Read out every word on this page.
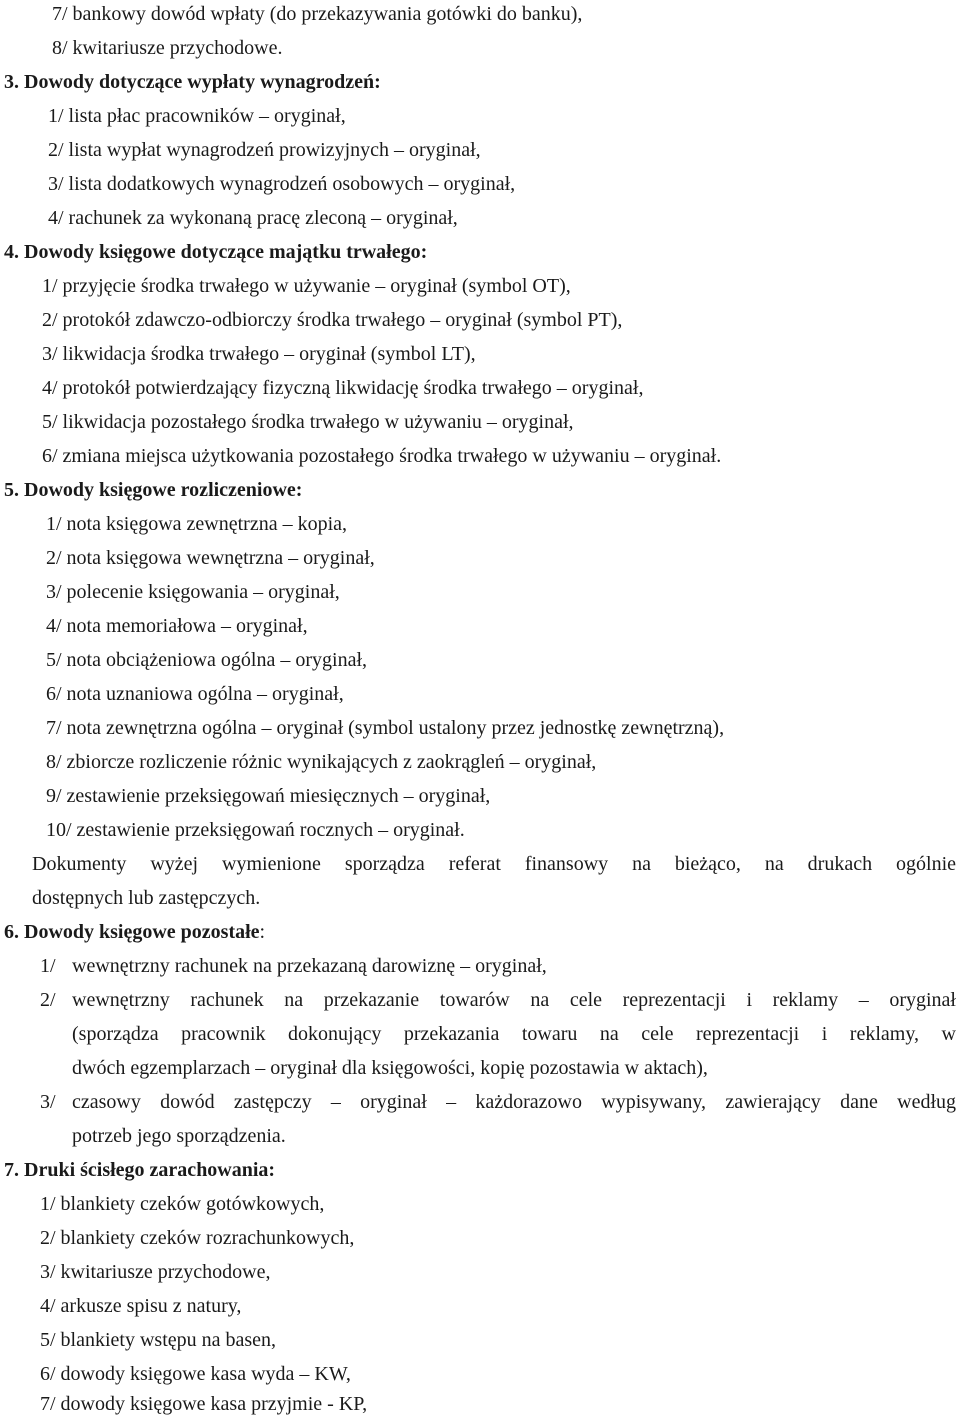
7/ bankowy dowód wpłaty (do przekazywania gotówki do banku),
8/ kwitariusze przychodowe.
3. Dowody dotyczące wypłaty wynagrodzeń:
1/ lista płac pracowników – oryginał,
2/ lista wypłat wynagrodzeń prowizyjnych – oryginał,
3/ lista dodatkowych wynagrodzeń osobowych – oryginał,
4/ rachunek za wykonaną pracę zleconą – oryginał,
4. Dowody księgowe dotyczące majątku trwałego:
1/ przyjęcie środka trwałego w używanie – oryginał (symbol OT),
2/ protokół zdawczo-odbiorczy środka trwałego – oryginał (symbol PT),
3/ likwidacja środka trwałego – oryginał (symbol LT),
4/ protokół potwierdzający fizyczną likwidację środka trwałego – oryginał,
5/ likwidacja pozostałego środka trwałego w używaniu – oryginał,
6/ zmiana miejsca użytkowania pozostałego środka trwałego w używaniu – oryginał.
5. Dowody księgowe rozliczeniowe:
1/ nota księgowa zewnętrzna – kopia,
2/ nota księgowa wewnętrzna – oryginał,
3/ polecenie księgowania – oryginał,
4/ nota memoriałowa – oryginał,
5/ nota obciążeniowa ogólna – oryginał,
6/ nota uznaniowa ogólna – oryginał,
7/ nota zewnętrzna ogólna – oryginał (symbol ustalony przez jednostkę zewnętrzną),
8/ zbiorcze rozliczenie różnic wynikających z zaokrągleń – oryginał,
9/ zestawienie przeksięgowań miesięcznych – oryginał,
10/ zestawienie przeksięgowań rocznych – oryginał.
Dokumenty wyżej wymienione sporządza referat finansowy na bieżąco, na drukach ogólnie
dostępnych lub zastępczych.
6. Dowody księgowe pozostałe:
1/ wewnętrzny rachunek na przekazaną darowiznę – oryginał,
2/ wewnętrzny rachunek na przekazanie towarów na cele reprezentacji i reklamy – oryginał
(sporządza pracownik dokonujący przekazania towaru na cele reprezentacji i reklamy, w
dwóch egzemplarzach – oryginał dla księgowości, kopię pozostawia w aktach),
3/ czasowy dowód zastępczy – oryginał – każdorazowo wypisywany, zawierający dane według
potrzeb jego sporządzenia.
7. Druki ścisłego zarachowania:
1/ blankiety czeków gotówkowych,
2/ blankiety czeków rozrachunkowych,
3/ kwitariusze przychodowe,
4/ arkusze spisu z natury,
5/ blankiety wstępu na basen,
6/ dowody księgowe kasa wyda – KW,
7/ dowody księgowe kasa przyjmie - KP,
